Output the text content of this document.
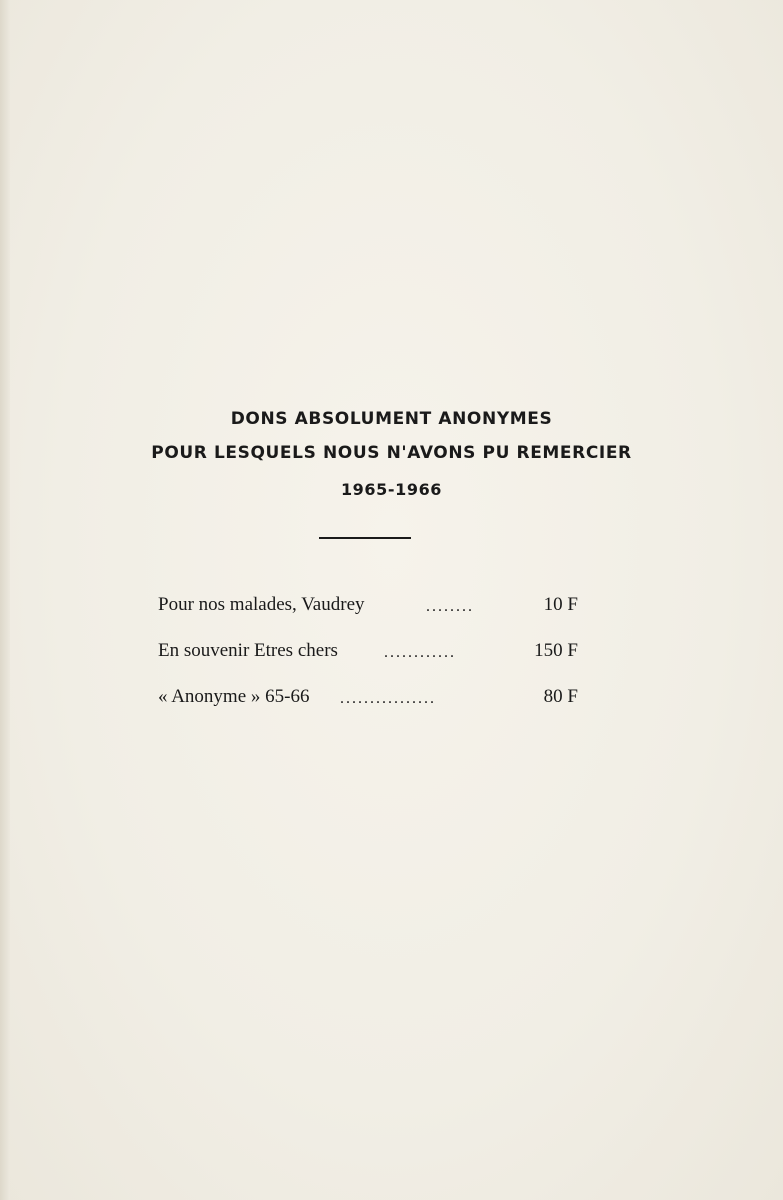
DONS ABSOLUMENT ANONYMES
POUR LESQUELS NOUS N'AVONS PU REMERCIER
1965-1966
Pour nos malades, Vaudrey	........	10 F
En souvenir Etres chers	............	150 F
« Anonyme » 65-66 ................	80 F
